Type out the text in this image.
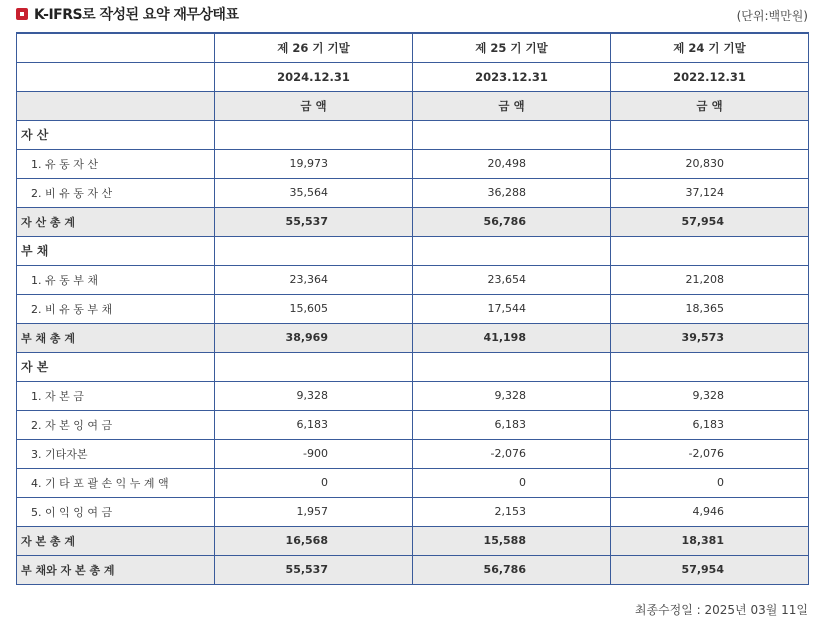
K-IFRS로 작성된 요약 재무상태표	(단위:백만원)
	제 26 기 기말	제 25 기 기말	제 24 기 기말
	2024.12.31	2023.12.31	2022.12.31
	금 액	금 액	금 액
자 산			
1. 유 동 자 산	19,973	20,498	20,830
2. 비 유 동 자 산	35,564	36,288	37,124
자 산 총 계	55,537	56,786	57,954
부 채			
1. 유 동 부 채	23,364	23,654	21,208
2. 비 유 동 부 채	15,605	17,544	18,365
부 채 총 계	38,969	41,198	39,573
자 본			
1. 자 본 금	9,328	9,328	9,328
2. 자 본 잉 여 금	6,183	6,183	6,183
3. 기타자본	-900	-2,076	-2,076
4. 기 타 포 괄 손 익 누 계 액	0	0	0
5. 이 익 잉 여 금	1,957	2,153	4,946
자 본 총 계	16,568	15,588	18,381
부 채와 자 본 총 계	55,537	56,786	57,954
최종수정일 : 2025년 03월 11일
